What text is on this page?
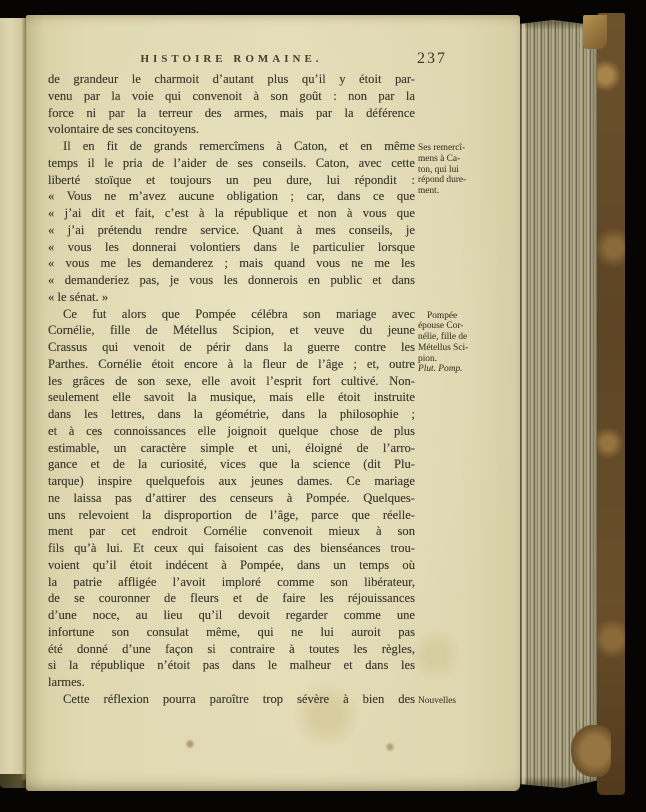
HISTOIRE ROMAINE.	237
de grandeur le charmoit d’autant plus qu’il y étoit par-
venu par la voie qui convenoit à son goût : non par la
force ni par la terreur des armes, mais par la déférence
volontaire de ses concitoyens.
Il en fit de grands remercîmens à Caton, et en même
temps il le pria de l’aider de ses conseils. Caton, avec cette
liberté stoïque et toujours un peu dure, lui répondit :
« Vous ne m’avez aucune obligation ; car, dans ce que
« j’ai dit et fait, c’est à la république et non à vous que
« j’ai prétendu rendre service. Quant à mes conseils, je
« vous les donnerai volontiers dans le particulier lorsque
« vous me les demanderez ; mais quand vous ne me les
« demanderiez pas, je vous les donnerois en public et dans
« le sénat. »
Ce fut alors que Pompée célébra son mariage avec
Cornélie, fille de Métellus Scipion, et veuve du jeune
Crassus qui venoit de périr dans la guerre contre les
Parthes. Cornélie étoit encore à la fleur de l’âge ; et, outre
les grâces de son sexe, elle avoit l’esprit fort cultivé. Non-
seulement elle savoit la musique, mais elle étoit instruite
dans les lettres, dans la géométrie, dans la philosophie ;
et à ces connoissances elle joignoit quelque chose de plus
estimable, un caractère simple et uni, éloigné de l’arro-
gance et de la curiosité, vices que la science (dit Plu-
tarque) inspire quelquefois aux jeunes dames. Ce mariage
ne laissa pas d’attirer des censeurs à Pompée. Quelques-
uns relevoient la disproportion de l’âge, parce que réelle-
ment par cet endroit Cornélie convenoit mieux à son
fils qu’à lui. Et ceux qui faisoient cas des bienséances trou-
voient qu’il étoit indécent à Pompée, dans un temps où
la patrie affligée l’avoit imploré comme son libérateur,
de se couronner de fleurs et de faire les réjouissances
d’une noce, au lieu qu’il devoit regarder comme une
infortune son consulat même, qui ne lui auroit pas
été donné d’une façon si contraire à toutes les règles,
si la république n’étoit pas dans le malheur et dans les
larmes.
Cette réflexion pourra paroître trop sévère à bien des
Ses remercî-
mens à Ca-
ton, qui lui
répond dure-
ment.
Pompée
épouse Cor-
nélie, fille de
Métellus Sci-
pion.
Plut. Pomp.
Nouvelles
